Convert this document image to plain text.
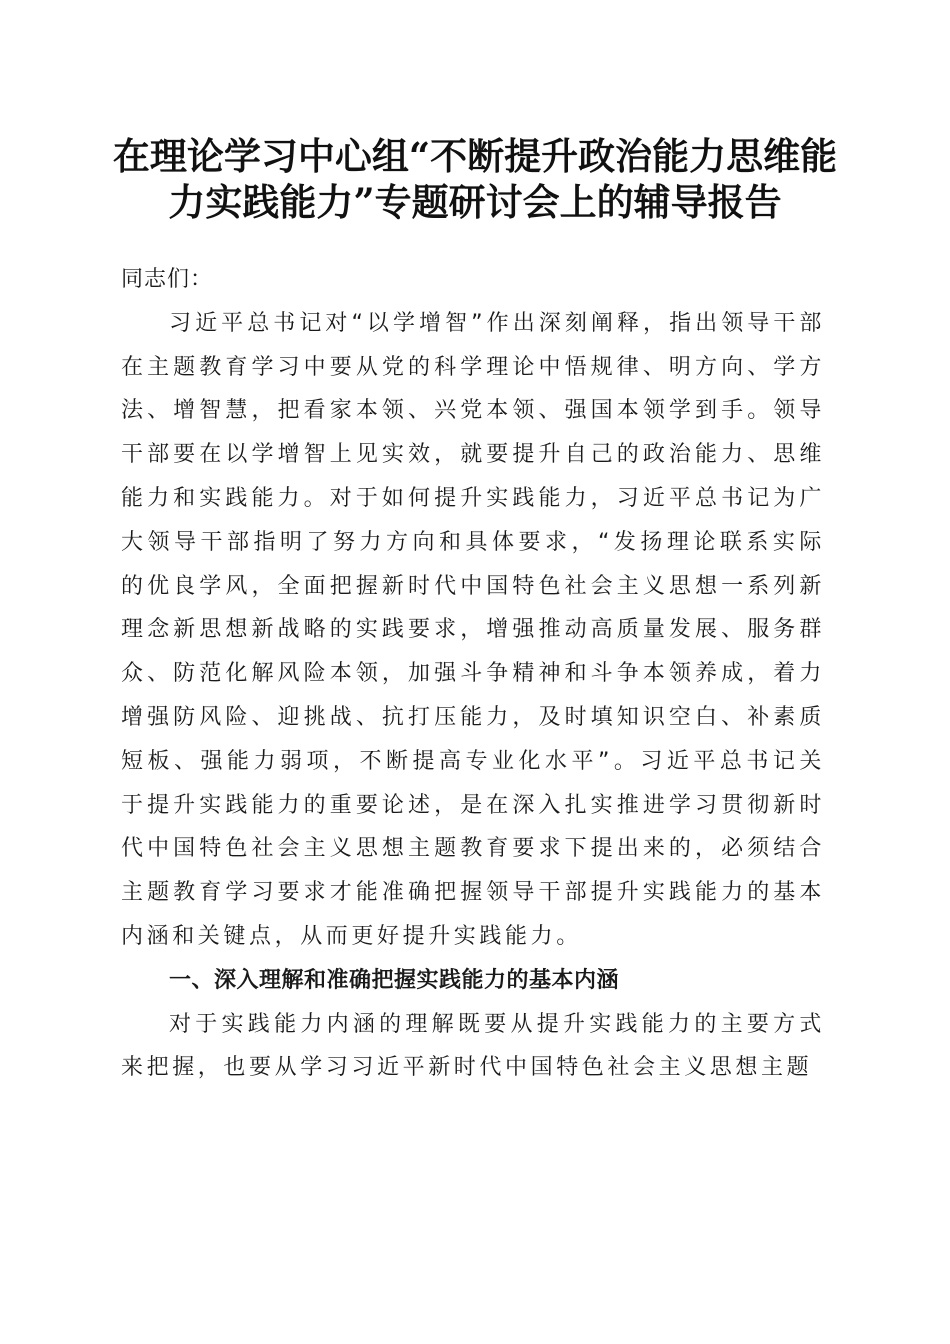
在理论学习中心组“不断提升政治能力思维能
力实践能力”专题研讨会上的辅导报告

同志们：

习近平总书记对“以学增智”作出深刻阐释，指出领导干部在主题教育学习中要从党的科学理论中悟规律、明方向、学方法、增智慧，把看家本领、兴党本领、强国本领学到手。领导干部要在以学增智上见实效，就要提升自己的政治能力、思维能力和实践能力。对于如何提升实践能力，习近平总书记为广大领导干部指明了努力方向和具体要求，“发扬理论联系实际的优良学风，全面把握新时代中国特色社会主义思想一系列新理念新思想新战略的实践要求，增强推动高质量发展、服务群众、防范化解风险本领，加强斗争精神和斗争本领养成，着力增强防风险、迎挑战、抗打压能力，及时填知识空白、补素质短板、强能力弱项，不断提高专业化水平”。习近平总书记关于提升实践能力的重要论述，是在深入扎实推进学习贯彻新时代中国特色社会主义思想主题教育要求下提出来的，必须结合主题教育学习要求才能准确把握领导干部提升实践能力的基本内涵和关键点，从而更好提升实践能力。

一、深入理解和准确把握实践能力的基本内涵

对于实践能力内涵的理解既要从提升实践能力的主要方式来把握，也要从学习习近平新时代中国特色社会主义思想主题
